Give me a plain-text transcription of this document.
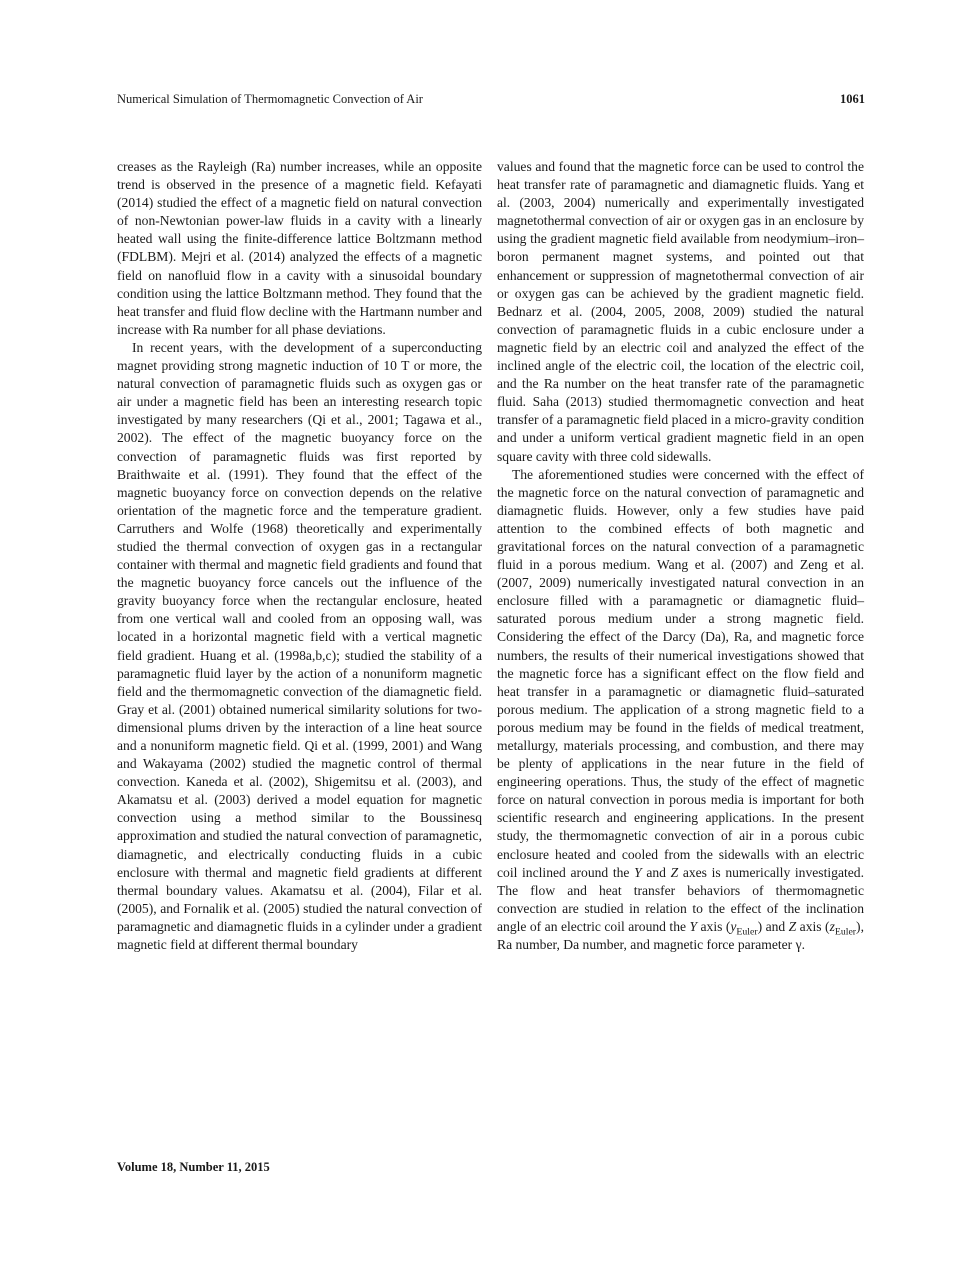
Numerical Simulation of Thermomagnetic Convection of Air	1061

creases as the Rayleigh (Ra) number increases, while an opposite trend is observed in the presence of a magnetic field. Kefayati (2014) studied the effect of a magnetic field on natural convection of non-Newtonian power-law fluids in a cavity with a linearly heated wall using the finite-difference lattice Boltzmann method (FDLBM). Mejri et al. (2014) analyzed the effects of a magnetic field on nanofluid flow in a cavity with a sinusoidal boundary condition using the lattice Boltzmann method. They found that the heat transfer and fluid flow decline with the Hartmann number and increase with Ra number for all phase deviations.

In recent years, with the development of a superconducting magnet providing strong magnetic induction of 10 T or more, the natural convection of paramagnetic fluids such as oxygen gas or air under a magnetic field has been an interesting research topic investigated by many researchers (Qi et al., 2001; Tagawa et al., 2002). The effect of the magnetic buoyancy force on the convection of paramagnetic fluids was first reported by Braithwaite et al. (1991). They found that the effect of the magnetic buoyancy force on convection depends on the relative orientation of the magnetic force and the temperature gradient. Carruthers and Wolfe (1968) theoretically and experimentally studied the thermal convection of oxygen gas in a rectangular container with thermal and magnetic field gradients and found that the magnetic buoyancy force cancels out the influence of the gravity buoyancy force when the rectangular enclosure, heated from one vertical wall and cooled from an opposing wall, was located in a horizontal magnetic field with a vertical magnetic field gradient. Huang et al. (1998a,b,c); studied the stability of a paramagnetic fluid layer by the action of a nonuniform magnetic field and the thermomagnetic convection of the diamagnetic field. Gray et al. (2001) obtained numerical similarity solutions for two-dimensional plums driven by the interaction of a line heat source and a nonuniform magnetic field. Qi et al. (1999, 2001) and Wang and Wakayama (2002) studied the magnetic control of thermal convection. Kaneda et al. (2002), Shigemitsu et al. (2003), and Akamatsu et al. (2003) derived a model equation for magnetic convection using a method similar to the Boussinesq approximation and studied the natural convection of paramagnetic, diamagnetic, and electrically conducting fluids in a cubic enclosure with thermal and magnetic field gradients at different thermal boundary values. Akamatsu et al. (2004), Filar et al. (2005), and Fornalik et al. (2005) studied the natural convection of paramagnetic and diamagnetic fluids in a cylinder under a gradient magnetic field at different thermal boundary

values and found that the magnetic force can be used to control the heat transfer rate of paramagnetic and diamagnetic fluids. Yang et al. (2003, 2004) numerically and experimentally investigated magnetothermal convection of air or oxygen gas in an enclosure by using the gradient magnetic field available from neodymium–iron–boron permanent magnet systems, and pointed out that enhancement or suppression of magnetothermal convection of air or oxygen gas can be achieved by the gradient magnetic field. Bednarz et al. (2004, 2005, 2008, 2009) studied the natural convection of paramagnetic fluids in a cubic enclosure under a magnetic field by an electric coil and analyzed the effect of the inclined angle of the electric coil, the location of the electric coil, and the Ra number on the heat transfer rate of the paramagnetic fluid. Saha (2013) studied thermomagnetic convection and heat transfer of a paramagnetic field placed in a micro-gravity condition and under a uniform vertical gradient magnetic field in an open square cavity with three cold sidewalls.

The aforementioned studies were concerned with the effect of the magnetic force on the natural convection of paramagnetic and diamagnetic fluids. However, only a few studies have paid attention to the combined effects of both magnetic and gravitational forces on the natural convection of a paramagnetic fluid in a porous medium. Wang et al. (2007) and Zeng et al. (2007, 2009) numerically investigated natural convection in an enclosure filled with a paramagnetic or diamagnetic fluid–saturated porous medium under a strong magnetic field. Considering the effect of the Darcy (Da), Ra, and magnetic force numbers, the results of their numerical investigations showed that the magnetic force has a significant effect on the flow field and heat transfer in a paramagnetic or diamagnetic fluid–saturated porous medium. The application of a strong magnetic field to a porous medium may be found in the fields of medical treatment, metallurgy, materials processing, and combustion, and there may be plenty of applications in the near future in the field of engineering operations. Thus, the study of the effect of magnetic force on natural convection in porous media is important for both scientific research and engineering applications. In the present study, the thermomagnetic convection of air in a porous cubic enclosure heated and cooled from the sidewalls with an electric coil inclined around the Y and Z axes is numerically investigated. The flow and heat transfer behaviors of thermomagnetic convection are studied in relation to the effect of the inclination angle of an electric coil around the Y axis $(y_{Euler})$ and Z axis $(z_{Euler})$, Ra number, Da number, and magnetic force parameter γ.

Volume 18, Number 11, 2015
